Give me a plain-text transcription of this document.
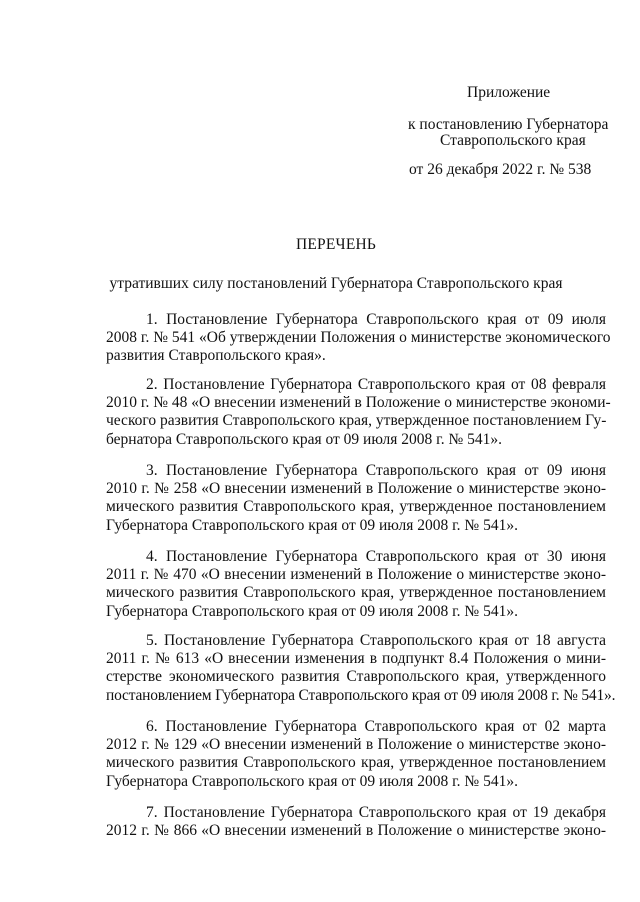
Приложение
к постановлению Губернатора
Ставропольского края
от 26 декабря 2022 г. № 538
ПЕРЕЧЕНЬ
утративших силу постановлений Губернатора Ставропольского края
1. Постановление Губернатора Ставропольского края от 09 июля
2008 г. № 541 «Об утверждении Положения о министерстве экономического
развития Ставропольского края».
2. Постановление Губернатора Ставропольского края от 08 февраля
2010 г. № 48 «О внесении изменений в Положение о министерстве экономи-
ческого развития Ставропольского края, утвержденное постановлением Гу-
бернатора Ставропольского края от 09 июля 2008 г. № 541».
3. Постановление Губернатора Ставропольского края от 09 июня
2010 г. № 258 «О внесении изменений в Положение о министерстве эконо-
мического развития Ставропольского края, утвержденное постановлением
Губернатора Ставропольского края от 09 июля 2008 г. № 541».
4. Постановление Губернатора Ставропольского края от 30 июня
2011 г. № 470 «О внесении изменений в Положение о министерстве эконо-
мического развития Ставропольского края, утвержденное постановлением
Губернатора Ставропольского края от 09 июля 2008 г. № 541».
5. Постановление Губернатора Ставропольского края от 18 августа
2011 г. № 613 «О внесении изменения в подпункт 8.4 Положения о мини-
стерстве экономического развития Ставропольского края, утвержденного
постановлением Губернатора Ставропольского края от 09 июля 2008 г. № 541».
6. Постановление Губернатора Ставропольского края от 02 марта
2012 г. № 129 «О внесении изменений в Положение о министерстве эконо-
мического развития Ставропольского края, утвержденное постановлением
Губернатора Ставропольского края от 09 июля 2008 г. № 541».
7. Постановление Губернатора Ставропольского края от 19 декабря
2012 г. № 866 «О внесении изменений в Положение о министерстве эконо-
